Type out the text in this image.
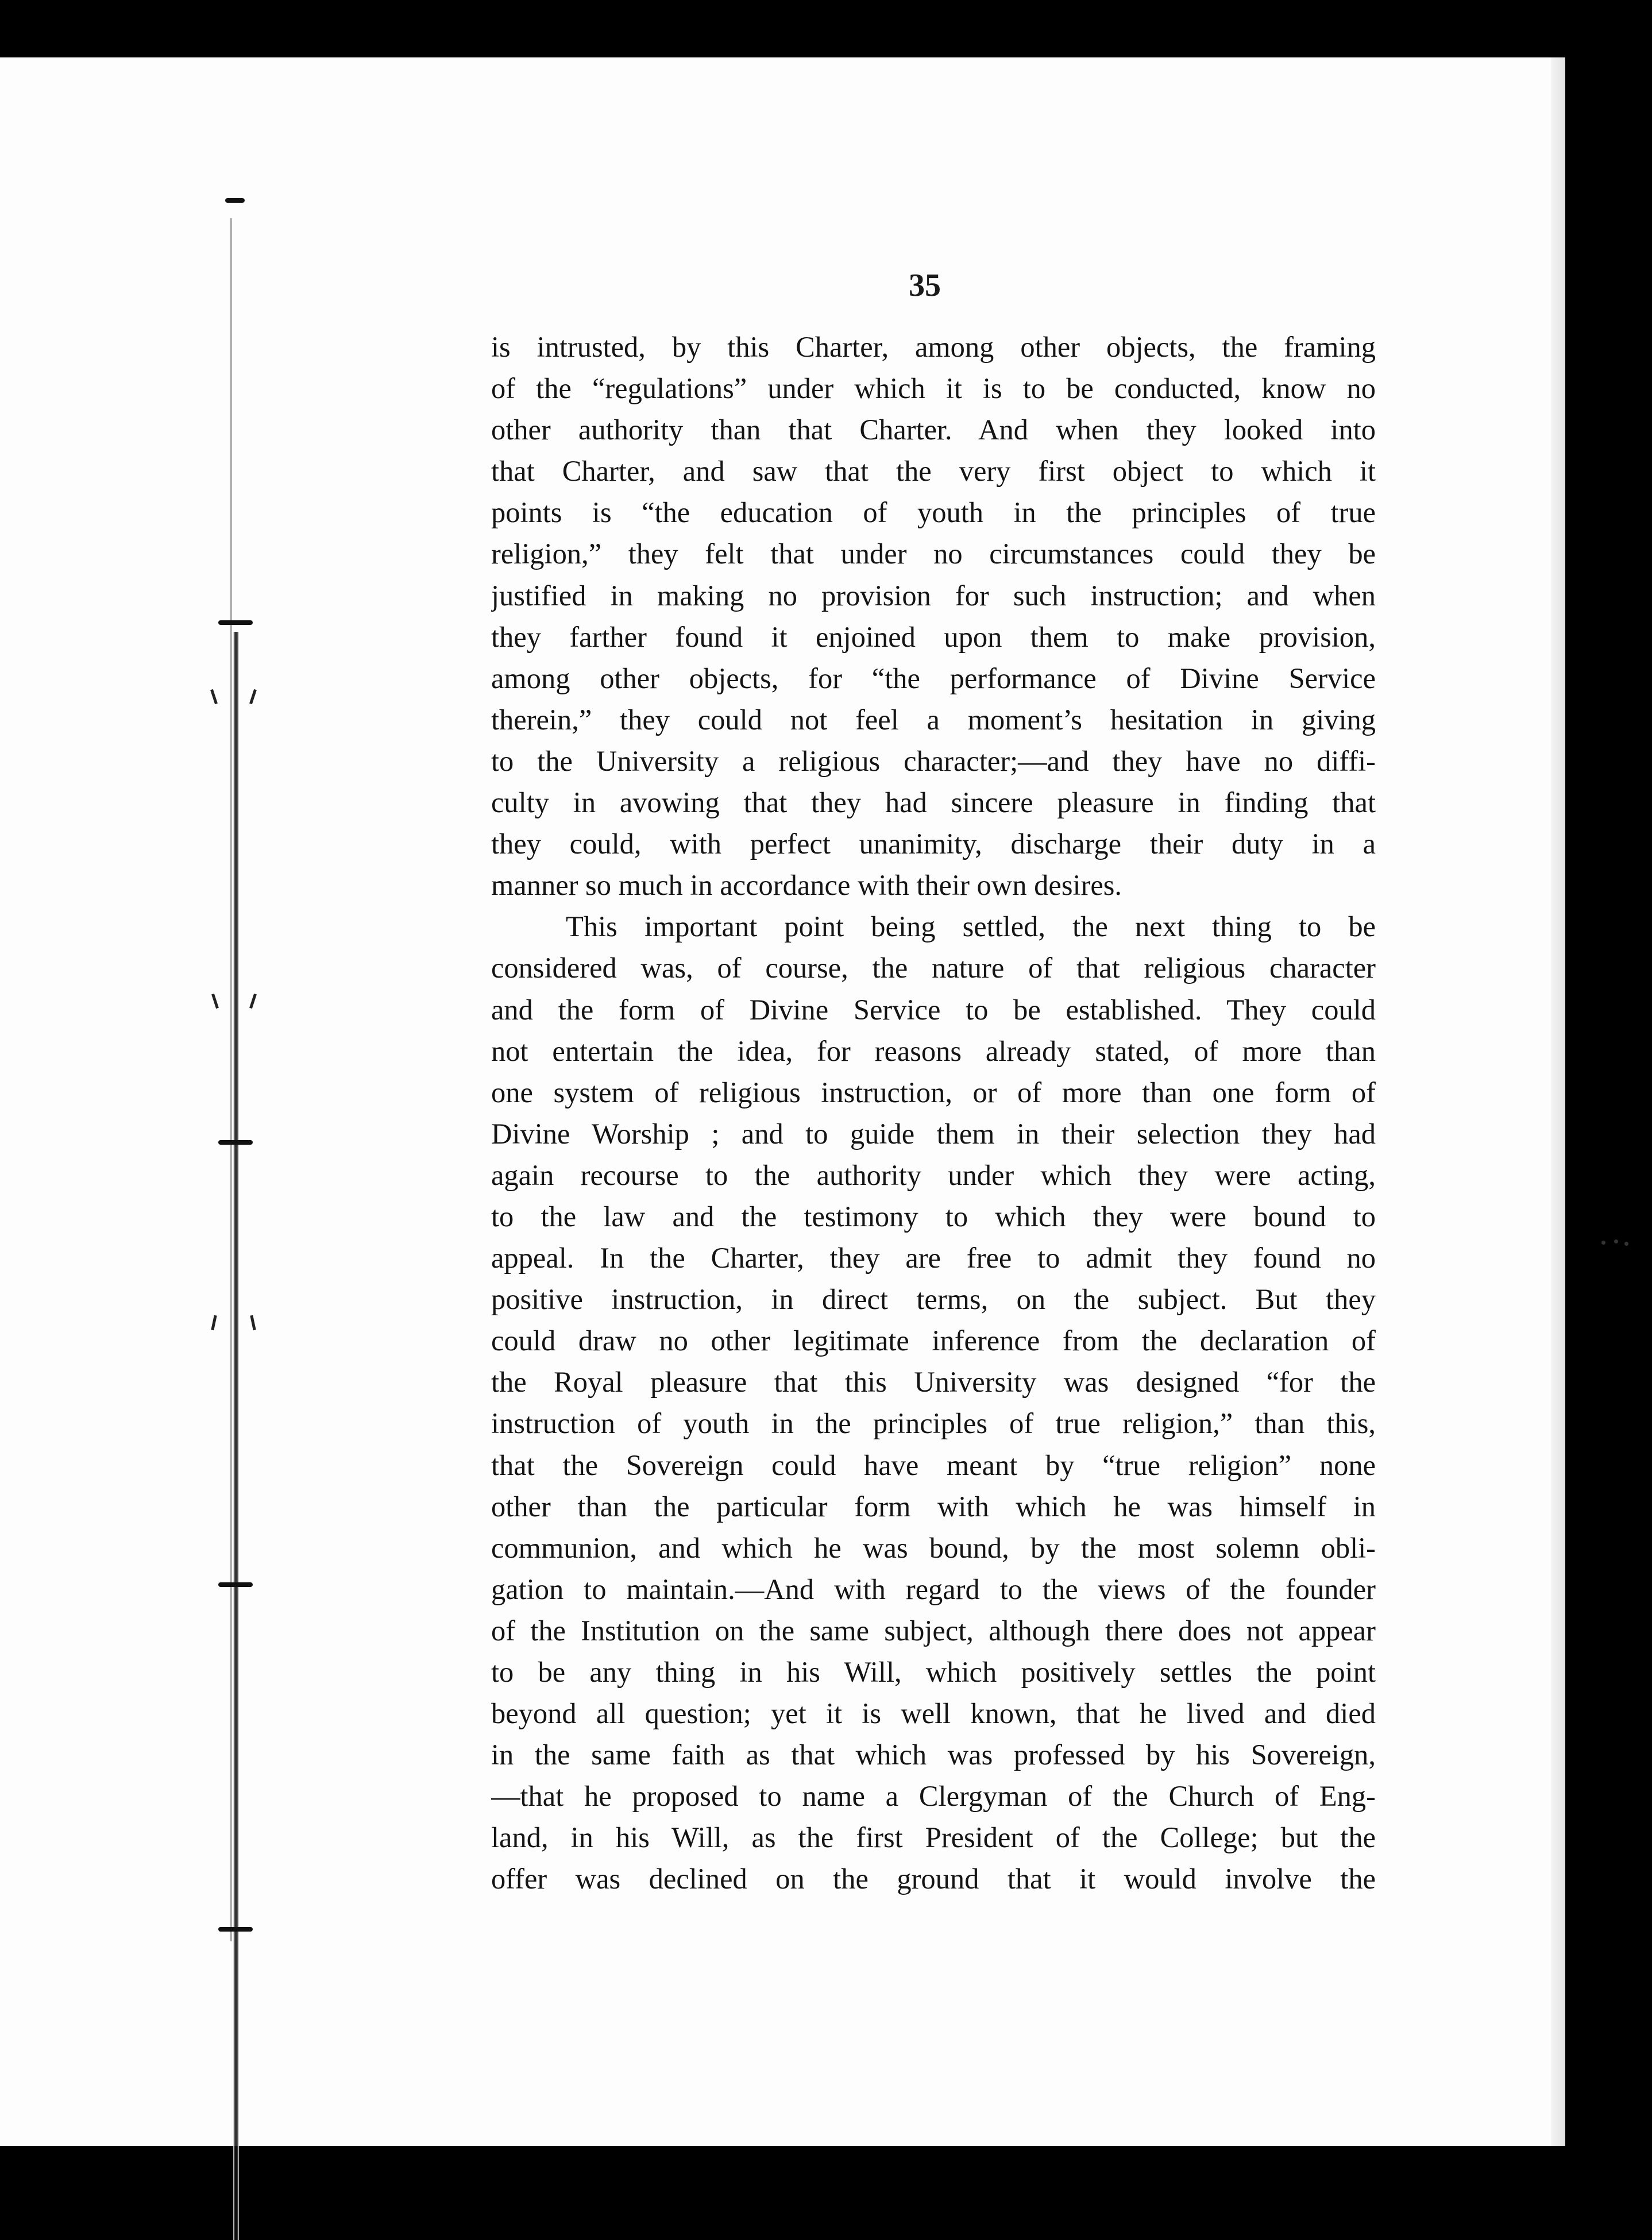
35
is intrusted, by this Charter, among other objects, the framing
of the “regulations” under which it is to be conducted, know no
other authority than that Charter. And when they looked into
that Charter, and saw that the very first object to which it
points is “the education of youth in the principles of true
religion,” they felt that under no circumstances could they be
justified in making no provision for such instruction; and when
they farther found it enjoined upon them to make provision,
among other objects, for “the performance of Divine Service
therein,” they could not feel a moment’s hesitation in giving
to the University a religious character;—and they have no diffi-
culty in avowing that they had sincere pleasure in finding that
they could, with perfect unanimity, discharge their duty in a
manner so much in accordance with their own desires.
This important point being settled, the next thing to be
considered was, of course, the nature of that religious character
and the form of Divine Service to be established. They could
not entertain the idea, for reasons already stated, of more than
one system of religious instruction, or of more than one form of
Divine Worship ; and to guide them in their selection they had
again recourse to the authority under which they were acting,
to the law and the testimony to which they were bound to
appeal. In the Charter, they are free to admit they found no
positive instruction, in direct terms, on the subject. But they
could draw no other legitimate inference from the declaration of
the Royal pleasure that this University was designed “for the
instruction of youth in the principles of true religion,” than this,
that the Sovereign could have meant by “true religion” none
other than the particular form with which he was himself in
communion, and which he was bound, by the most solemn obli-
gation to maintain.—And with regard to the views of the founder
of the Institution on the same subject, although there does not appear
to be any thing in his Will, which positively settles the point
beyond all question; yet it is well known, that he lived and died
in the same faith as that which was professed by his Sovereign,
—that he proposed to name a Clergyman of the Church of Eng-
land, in his Will, as the first President of the College; but the
offer was declined on the ground that it would involve the
